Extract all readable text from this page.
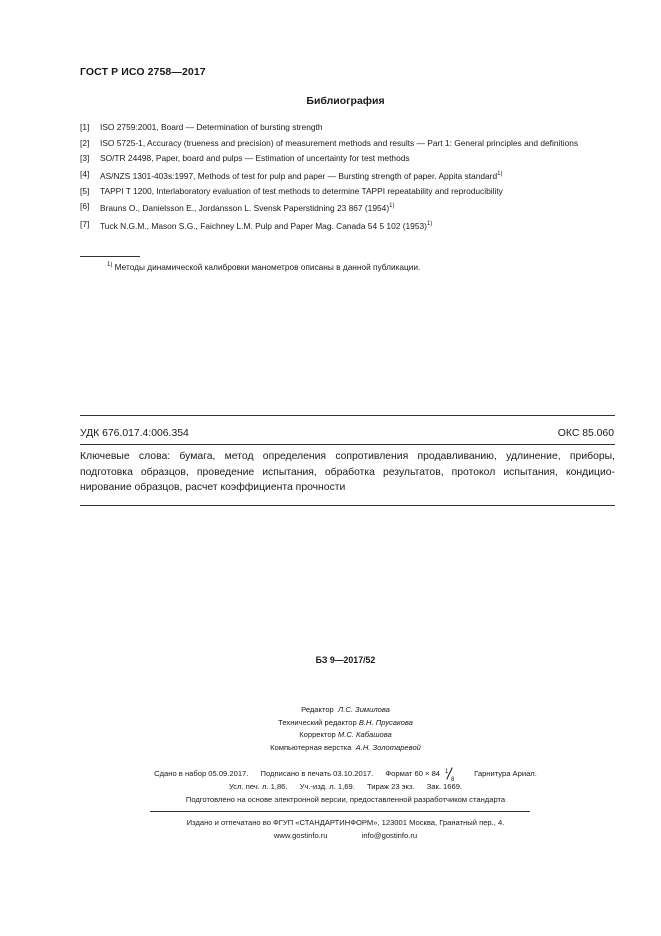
ГОСТ Р ИСО 2758—2017
Библиография
[1]	ISO 2759:2001, Board — Determination of bursting strength
[2]	ISO 5725-1, Accuracy (trueness and precision) of measurement methods and results — Part 1: General principles and definitions
[3]	SO/TR 24498, Paper, board and pulps — Estimation of uncertainty for test methods
[4]	AS/NZS 1301-403s:1997, Methods of test for pulp and paper — Bursting strength of paper. Appita standard$^{1)}$
[5]	TAPPI T 1200, Interlaboratory evaluation of test methods to determine TAPPI repeatability and reproducibility
[6]	Brauns O., Danielsson E., Jordansson L. Svensk Paperstidning 23 867 $(1954)^{1)}$
[7]	Tuck N.G.M., Mason S.G., Faichney L.M. Pulp and Paper Mag. Canada 54 5 102 $(1953)^{1)}$
$^{1)}$ Методы динамической калибровки манометров описаны в данной публикации.
УДК 676.017.4:006.354	ОКС 85.060
Ключевые слова: бумага, метод определения сопротивления продавливанию, удлинение, приборы, подготовка образцов, проведение испытания, обработка результатов, протокол испытания, кондицио-нирование образцов, расчет коэффициента прочности
БЗ 9—2017/52
Редактор Л.С. Зимилова
Технический редактор В.Н. Прусакова
Корректор М.С. Кабашова
Компьютерная верстка А.Н. Золотаревой
Сдано в набор 05.09.2017. Подписано в печать 03.10.2017. Формат 60 × 84 1
8
Гарнитура Ариал.
Усл. печ. л. 1,86. Уч.-изд. л. 1,69. Тираж 23 экз. Зак. 1669.
Подготовлено на основе электронной версии, предоставленной разработчиком стандарта
Издано и отпечатано во ФГУП «СТАНДАРТИНФОРМ», 123001 Москва, Гранатный пер., 4.
www.gostinfo.ru	info@gostinfo.ru
